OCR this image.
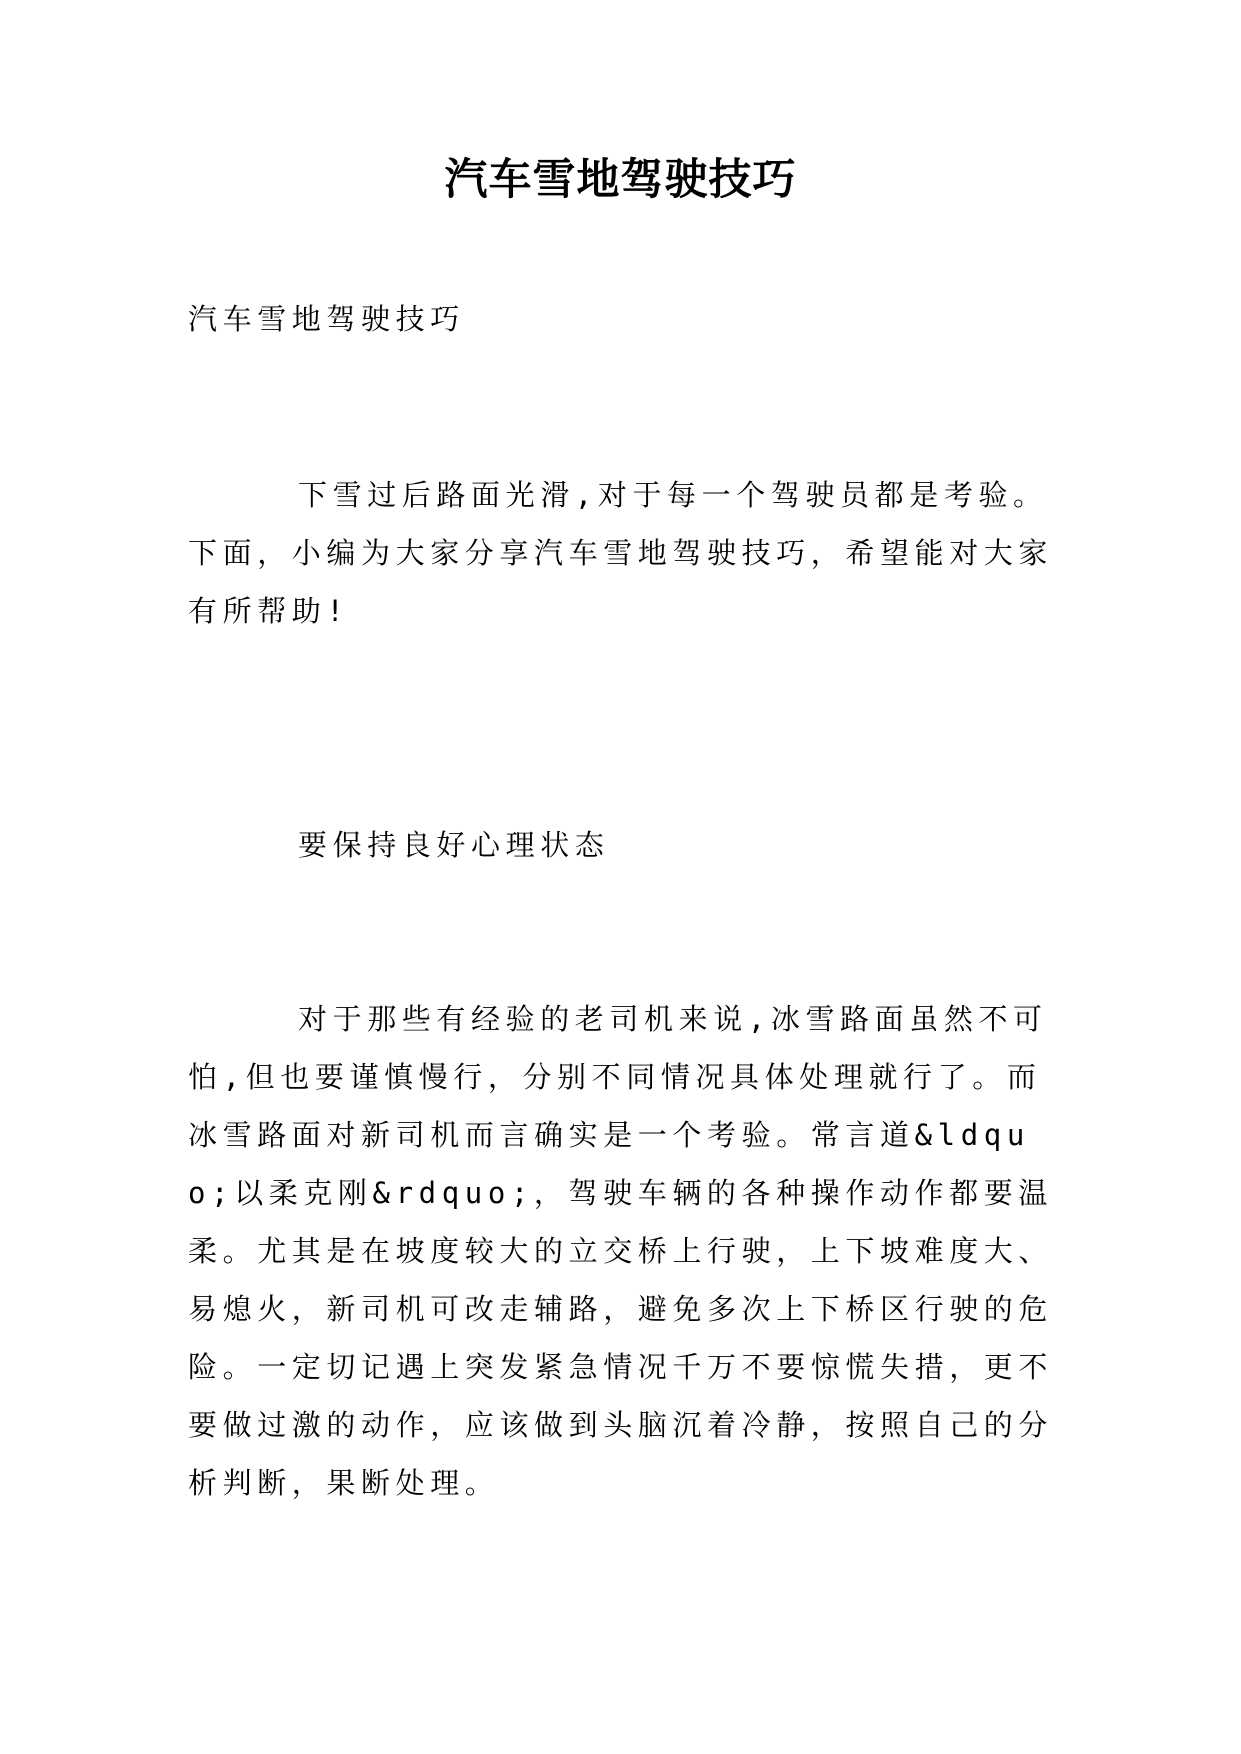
汽车雪地驾驶技巧

汽车雪地驾驶技巧

下雪过后路面光滑,对于每一个驾驶员都是考验。下面，小编为大家分享汽车雪地驾驶技巧，希望能对大家有所帮助!

要保持良好心理状态

对于那些有经验的老司机来说,冰雪路面虽然不可怕,但也要谨慎慢行，分别不同情况具体处理就行了。而冰雪路面对新司机而言确实是一个考验。常言道&ldquo;以柔克刚&rdquo;，驾驶车辆的各种操作动作都要温柔。尤其是在坡度较大的立交桥上行驶，上下坡难度大、易熄火，新司机可改走辅路，避免多次上下桥区行驶的危险。一定切记遇上突发紧急情况千万不要惊慌失措，更不要做过激的动作，应该做到头脑沉着冷静，按照自己的分析判断，果断处理。
